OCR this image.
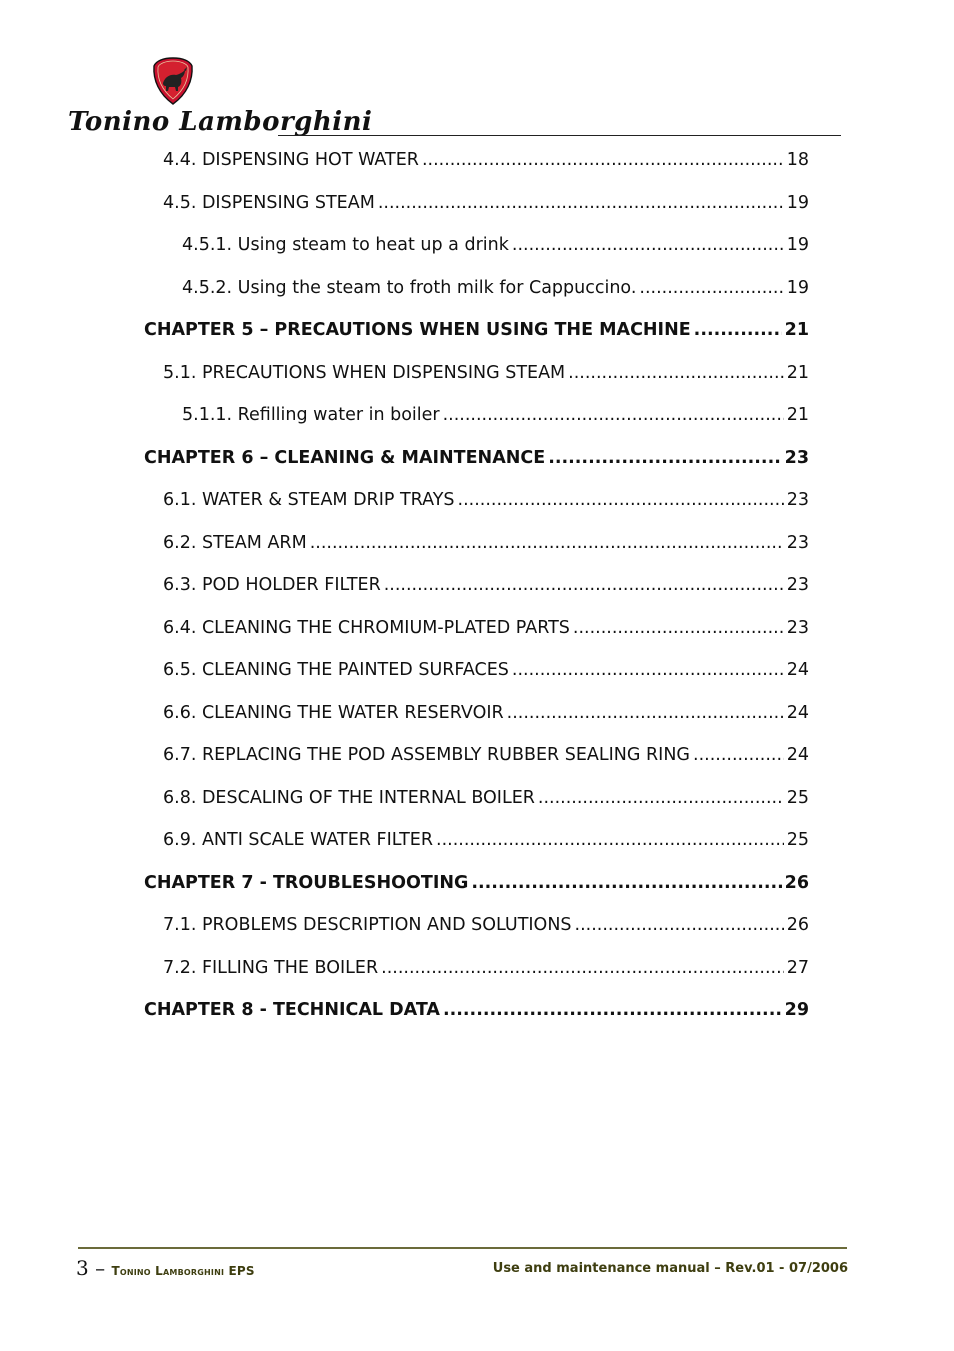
Tonino Lamborghini
4.4. DISPENSING HOT WATER .....	18
4.5. DISPENSING STEAM .....	19
4.5.1. Using steam to heat up a drink .....	19
4.5.2. Using the steam to froth milk for Cappuccino. .....	19
CHAPTER 5 – PRECAUTIONS WHEN USING THE MACHINE .....	21
5.1. PRECAUTIONS WHEN DISPENSING STEAM .....	21
5.1.1. Refilling water in boiler .....	21
CHAPTER 6 – CLEANING & MAINTENANCE .....	23
6.1. WATER & STEAM DRIP TRAYS .....	23
6.2. STEAM ARM .....	23
6.3. POD HOLDER FILTER .....	23
6.4. CLEANING THE CHROMIUM-PLATED PARTS .....	23
6.5. CLEANING THE PAINTED SURFACES .....	24
6.6. CLEANING THE WATER RESERVOIR .....	24
6.7. REPLACING THE POD ASSEMBLY RUBBER SEALING RING .....	24
6.8. DESCALING OF THE INTERNAL BOILER .....	25
6.9. ANTI SCALE WATER FILTER .....	25
CHAPTER 7 - TROUBLESHOOTING .....	26
7.1. PROBLEMS DESCRIPTION AND SOLUTIONS .....	26
7.2. FILLING THE BOILER .....	27
CHAPTER 8 - TECHNICAL DATA .....	29
3 – Tonino Lamborghini EPS	Use and maintenance manual – Rev.01 - 07/2006
